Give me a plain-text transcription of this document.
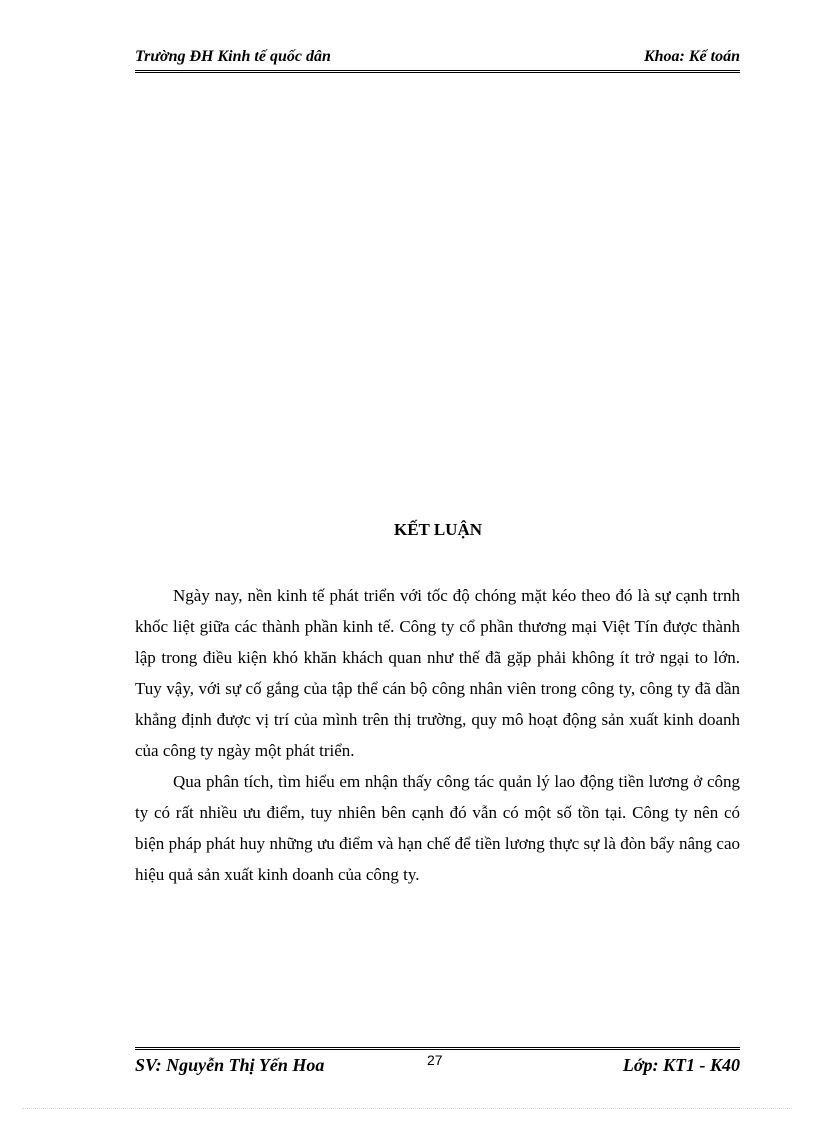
Trường ĐH Kinh tế quốc dân	Khoa: Kế toán
KẾT LUẬN

Ngày nay, nền kinh tế phát triển với tốc độ chóng mặt kéo theo đó là sự cạnh trnh khốc liệt giữa các thành phần kinh tế. Công ty cổ phần thương mại Việt Tín được thành lập trong điều kiện khó khăn khách quan như thế đã gặp phải không ít trở ngại to lớn. Tuy vậy, với sự cố gắng của tập thể cán bộ công nhân viên trong công ty, công ty đã dần khẳng định được vị trí của mình trên thị trường, quy mô hoạt động sản xuất kinh doanh của công ty ngày một phát triển.

Qua phân tích, tìm hiểu em nhận thấy công tác quản lý lao động tiền lương ở công ty có rất nhiều ưu điểm, tuy nhiên bên cạnh đó vẫn có một số tồn tại. Công ty nên có biện pháp phát huy những ưu điểm và hạn chế để tiền lương thực sự là đòn bẩy nâng cao hiệu quả sản xuất kinh doanh của công ty.

SV: Nguyễn Thị Yến Hoa	27	Lớp: KT1 - K40
